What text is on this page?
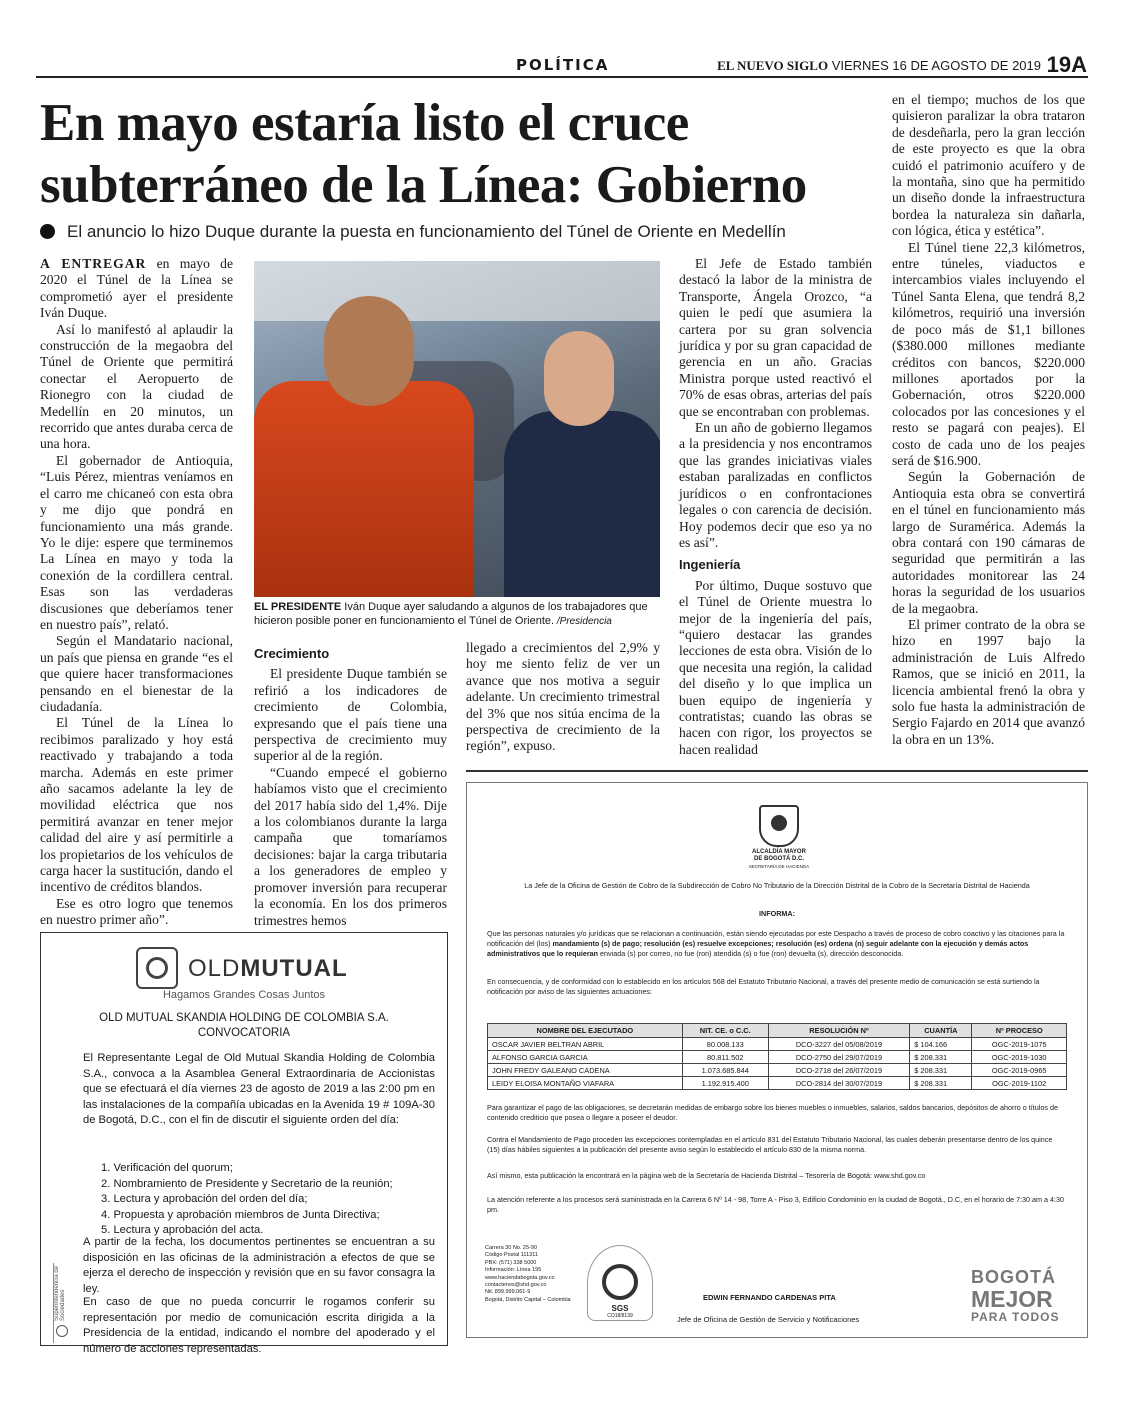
POLÍTICA	EL NUEVO SIGLO VIERNES 16 DE AGOSTO DE 2019 19A
En mayo estaría listo el cruce
subterráneo de la Línea: Gobierno
El anuncio lo hizo Duque durante la puesta en funcionamiento del Túnel de Oriente en Medellín

A ENTREGAR en mayo de 2020 el Túnel de la Línea se comprometió ayer el presidente Iván Duque.

Así lo manifestó al aplaudir la construcción de la megaobra del Túnel de Oriente que permitirá conectar el Aeropuerto de Rionegro con la ciudad de Medellín en 20 minutos, un recorrido que antes duraba cerca de una hora.

El gobernador de Antioquia, “Luis Pérez, mientras veníamos en el carro me chicaneó con esta obra y me dijo que pondrá en funcionamiento una más grande. Yo le dije: espere que terminemos La Línea en mayo y toda la conexión de la cordillera central. Esas son las verdaderas discusiones que deberíamos tener en nuestro país”, relató.

Según el Mandatario nacional, un país que piensa en grande “es el que quiere hacer transformaciones pensando en el bienestar de la ciudadanía.

El Túnel de la Línea lo recibimos paralizado y hoy está reactivado y trabajando a toda marcha. Además en este primer año sacamos adelante la ley de movilidad eléctrica que nos permitirá avanzar en tener mejor calidad del aire y así permitirle a los propietarios de los vehículos de carga hacer la sustitución, dando el incentivo de créditos blandos.

Ese es otro logro que tenemos en nuestro primer año”.

EL PRESIDENTE Iván Duque ayer saludando a algunos de los trabajadores que hicieron posible poner en funcionamiento el Túnel de Oriente. /Presidencia
Crecimiento

El presidente Duque también se refirió a los indicadores de crecimiento de Colombia, expresando que el país tiene una perspectiva de crecimiento muy superior al de la región.

“Cuando empecé el gobierno habíamos visto que el crecimiento del 2017 había sido del 1,4%. Dije a los colombianos durante la larga campaña que tomaríamos decisiones: bajar la carga tributaria a los generadores de empleo y promover inversión para recuperar la economía. En los dos primeros trimestres hemos

llegado a crecimientos del 2,9% y hoy me siento feliz de ver un avance que nos motiva a seguir adelante. Un crecimiento trimestral del 3% que nos sitúa encima de la perspectiva de crecimiento de la región”, expuso.

El Jefe de Estado también destacó la labor de la ministra de Transporte, Ángela Orozco, “a quien le pedí que asumiera la cartera por su gran solvencia jurídica y por su gran capacidad de gerencia en un año. Gracias Ministra porque usted reactivó el 70% de esas obras, arterias del país que se encontraban con problemas.

En un año de gobierno llegamos a la presidencia y nos encontramos que las grandes iniciativas viales estaban paralizadas en conflictos jurídicos o en confrontaciones legales o con carencia de decisión. Hoy podemos decir que eso ya no es así”.

Ingeniería

Por último, Duque sostuvo que el Túnel de Oriente muestra lo mejor de la ingeniería del país, “quiero destacar las grandes lecciones de esta obra. Visión de lo que necesita una región, la calidad del diseño y lo que implica un buen equipo de ingeniería y contratistas; cuando las obras se hacen con rigor, los proyectos se hacen realidad

en el tiempo; muchos de los que quisieron paralizar la obra trataron de desdeñarla, pero la gran lección de este proyecto es que la obra cuidó el patrimonio acuífero y de la montaña, sino que ha permitido un diseño donde la infraestructura bordea la naturaleza sin dañarla, con lógica, ética y estética”.

El Túnel tiene 22,3 kilómetros, entre túneles, viaductos e intercambios viales incluyendo el Túnel Santa Elena, que tendrá 8,2 kilómetros, requirió una inversión de poco más de $1,1 billones ($380.000 millones mediante créditos con bancos, $220.000 millones aportados por la Gobernación, otros $220.000 colocados por las concesiones y el resto se pagará con peajes). El costo de cada uno de los peajes será de $16.900.

Según la Gobernación de Antioquia esta obra se convertirá en el túnel en funcionamiento más largo de Suramérica. Además la obra contará con 190 cámaras de seguridad que permitirán a las autoridades monitorear las 24 horas la seguridad de los usuarios de la megaobra.

El primer contrato de la obra se hizo en 1997 bajo la administración de Luis Alfredo Ramos, que se inició en 2011, la licencia ambiental frenó la obra y solo fue hasta la administración de Sergio Fajardo en 2014 que avanzó la obra en un 13%.

OLDMUTUAL
Hagamos Grandes Cosas Juntos
OLD MUTUAL SKANDIA HOLDING DE COLOMBIA S.A.
CONVOCATORIA
El Representante Legal de Old Mutual Skandia Holding de Colombia S.A., convoca a la Asamblea General Extraordinaria de Accionistas que se efectuará el día viernes 23 de agosto de 2019 a las 2:00 pm en las instalaciones de la compañía ubicadas en la Avenida 19 # 109A-30 de Bogotá, D.C., con el fin de discutir el siguiente orden del día:
1. Verificación del quorum;
2. Nombramiento de Presidente y Secretario de la reunión;
3. Lectura y aprobación del orden del día;
4. Propuesta y aprobación miembros de Junta Directiva;
5. Lectura y aprobación del acta.
A partir de la fecha, los documentos pertinentes se encuentran a su disposición en las oficinas de la administración a efectos de que se ejerza el derecho de inspección y revisión que en su favor consagra la ley.
En caso de que no pueda concurrir le rogamos conferir su representación por medio de comunicación escrita dirigida a la Presidencia de la entidad, indicando el nombre del apoderado y el número de acciones representadas.
Superintendencia de Sociedades
ALCALDÍA MAYOR
DE BOGOTÁ D.C.
SECRETARÍA DE HACIENDA
La Jefe de la Oficina de Gestión de Cobro de la Subdirección de Cobro No Tributario de la Dirección Distrital de la Cobro de la Secretaría Distrital de Hacienda
INFORMA:
Que las personas naturales y/o jurídicas que se relacionan a continuación, están siendo ejecutadas por este Despacho a través de proceso de cobro coactivo y las citaciones para la notificación del (los) mandamiento (s) de pago; resolución (es) resuelve excepciones; resolución (es) ordena (n) seguir adelante con la ejecución y demás actos administrativos que lo requieran enviada (s) por correo, no fue (ron) atendida (s) o fue (ron) devuelta (s), dirección desconocida.
En consecuencia, y de conformidad con lo establecido en los artículos 568 del Estatuto Tributario Nacional, a través del presente medio de comunicación se está surtiendo la notificación por aviso de las siguientes actuaciones:
NOMBRE DEL EJECUTADO	NIT. CE. o C.C.	RESOLUCIÓN Nº	CUANTÍA	Nº PROCESO
OSCAR JAVIER BELTRAN ABRIL	80.008.133	DCO-3227 del 05/08/2019	$ 104.166	OGC-2019-1075
ALFONSO GARCIA GARCIA	80.811.502	DCO-2750 del 29/07/2019	$ 208.331	OGC-2019-1030
JOHN FREDY GALEANO CADENA	1.073.685.844	DCO-2718 del 26/07/2019	$ 208.331	OGC-2019-0965
LEIDY ELOISA MONTAÑO VIAFARA	1.192.915.400	DCO-2814 del 30/07/2019	$ 208.331	OGC-2019-1102
Para garantizar el pago de las obligaciones, se decretarán medidas de embargo sobre los bienes muebles o inmuebles, salarios, saldos bancarios, depósitos de ahorro o títulos de contenido crediticio que posea o llegare a poseer el deudor.
Contra el Mandamiento de Pago proceden las excepciones contempladas en el artículo 831 del Estatuto Tributario Nacional, las cuales deberán presentarse dentro de los quince (15) días hábiles siguientes a la publicación del presente aviso según lo establecido el artículo 830 de la misma norma.
Así mismo, esta publicación la encontrará en la página web de la Secretaría de Hacienda Distrital – Tesorería de Bogotá: www.shd.gov.co
La atención referente a los procesos será suministrada en la Carrera 6 Nº 14 - 98, Torre A - Piso 3, Edificio Condominio en la ciudad de Bogotá., D.C, en el horario de 7:30 am a 4:30 pm.
Carrera 30 No. 25-90
Código Postal 111311
PBX: (571) 338 5000
Información: Línea 195
www.haciendabogota.gov.co
contactenos@shd.gov.co
Nit. 899.999.061-9
Bogotá, Distrito Capital – Colombia
SGS
CO18/8139
EDWIN FERNANDO CARDENAS PITA
Jefe de Oficina de Gestión de Servicio y Notificaciones
BOGOTÁ
MEJOR
PARA TODOS
